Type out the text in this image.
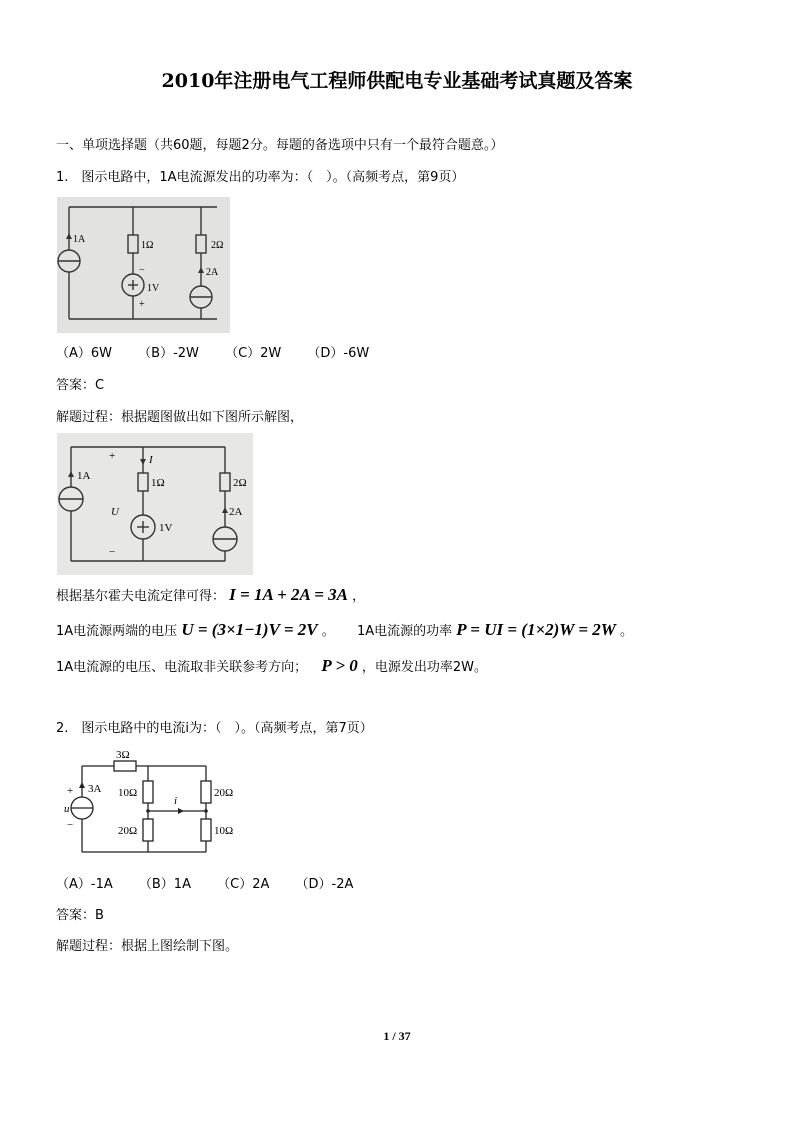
2010年注册电气工程师供配电专业基础考试真题及答案
一、单项选择题（共60题，每题2分。每题的备选项中只有一个最符合题意。）
1.　图示电路中，1A电流源发出的功率为：（　）。（高频考点，第9页）
1A
1Ω	2Ω
2A
1V
−
+
（A）6W （B）-2W （C）2W （D）-6W
答案：C
解题过程：根据题图做出如下图所示解图，
1A
I
1Ω	2Ω
U
1V
2A
+
−
根据基尔霍夫电流定律可得： I = 1A + 2A = 3A ，
1A电流源两端的电压 U = (3×1−1)V = 2V 。 1A电流源的功率 P = UI = (1×2)W = 2W 。
1A电流源的电压、电流取非关联参考方向； P > 0 ，电源发出功率2W。
2.　图示电路中的电流i为：（　）。（高频考点，第7页）
3Ω
3A
u
+
−
10Ω
20Ω
20Ω
10Ω
i
（A）-1A （B）1A （C）2A （D）-2A
答案：B
解题过程：根据上图绘制下图。
1 / 37
